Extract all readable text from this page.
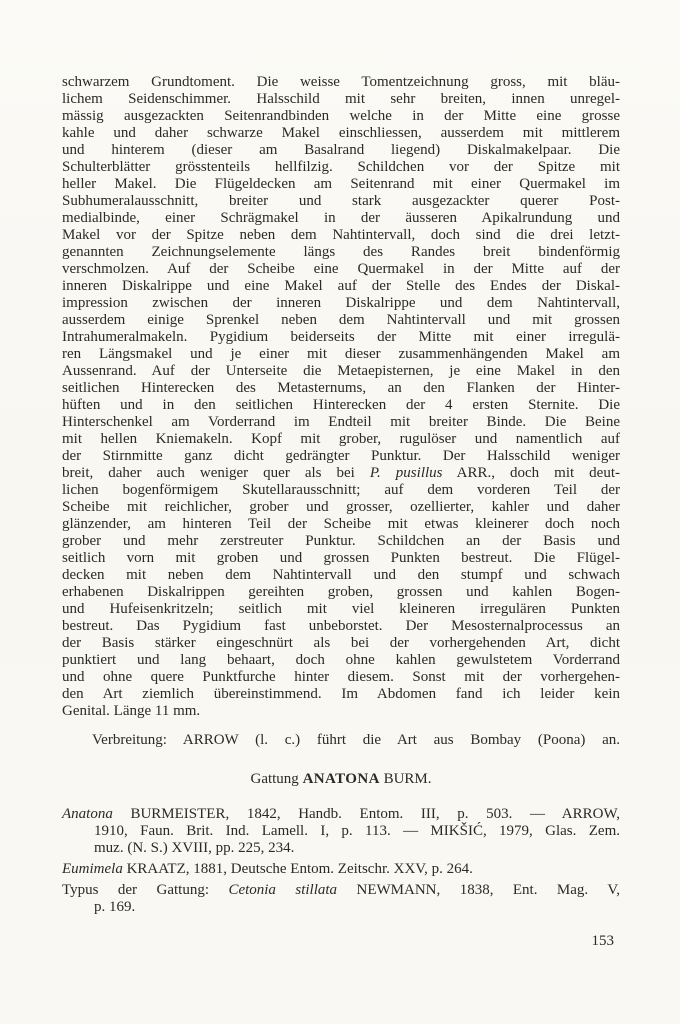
schwarzem Grundtoment. Die weisse Tomentzeichnung gross, mit bläu-
lichem Seidenschimmer. Halsschild mit sehr breiten, innen unregel-
mässig ausgezackten Seitenrandbinden welche in der Mitte eine grosse
kahle und daher schwarze Makel einschliessen, ausserdem mit mittlerem
und hinterem (dieser am Basalrand liegend) Diskalmakelpaar. Die
Schulterblätter grösstenteils hellfilzig. Schildchen vor der Spitze mit
heller Makel. Die Flügeldecken am Seitenrand mit einer Quermakel im
Subhumeralausschnitt, breiter und stark ausgezackter querer Post-
medialbinde, einer Schrägmakel in der äusseren Apikalrundung und
Makel vor der Spitze neben dem Nahtintervall, doch sind die drei letzt-
genannten Zeichnungselemente längs des Randes breit bindenförmig
verschmolzen. Auf der Scheibe eine Quermakel in der Mitte auf der
inneren Diskalrippe und eine Makel auf der Stelle des Endes der Diskal-
impression zwischen der inneren Diskalrippe und dem Nahtintervall,
ausserdem einige Sprenkel neben dem Nahtintervall und mit grossen
Intrahumeralmakeln. Pygidium beiderseits der Mitte mit einer irregulä-
ren Längsmakel und je einer mit dieser zusammenhängenden Makel am
Aussenrand. Auf der Unterseite die Metaepisternen, je eine Makel in den
seitlichen Hinterecken des Metasternums, an den Flanken der Hinter-
hüften und in den seitlichen Hinterecken der 4 ersten Sternite. Die
Hinterschenkel am Vorderrand im Endteil mit breiter Binde. Die Beine
mit hellen Kniemakeln. Kopf mit grober, rugulöser und namentlich auf
der Stirnmitte ganz dicht gedrängter Punktur. Der Halsschild weniger
breit, daher auch weniger quer als bei P. pusillus ARR., doch mit deut-
lichen bogenförmigem Skutellarausschnitt; auf dem vorderen Teil der
Scheibe mit reichlicher, grober und grosser, ozellierter, kahler und daher
glänzender, am hinteren Teil der Scheibe mit etwas kleinerer doch noch
grober und mehr zerstreuter Punktur. Schildchen an der Basis und
seitlich vorn mit groben und grossen Punkten bestreut. Die Flügel-
decken mit neben dem Nahtintervall und den stumpf und schwach
erhabenen Diskalrippen gereihten groben, grossen und kahlen Bogen-
und Hufeisenkritzeln; seitlich mit viel kleineren irregulären Punkten
bestreut. Das Pygidium fast unbeborstet. Der Mesosternalprocessus an
der Basis stärker eingeschnürt als bei der vorhergehenden Art, dicht
punktiert und lang behaart, doch ohne kahlen gewulstetem Vorderrand
und ohne quere Punktfurche hinter diesem. Sonst mit der vorhergehen-
den Art ziemlich übereinstimmend. Im Abdomen fand ich leider kein
Genital. Länge 11 mm.
Verbreitung: ARROW (l. c.) führt die Art aus Bombay (Poona) an.
Gattung ANATONA BURM.
Anatona BURMEISTER, 1842, Handb. Entom. III, p. 503. — ARROW,
1910, Faun. Brit. Ind. Lamell. I, p. 113. — MIKŠIĆ, 1979, Glas. Zem.
muz. (N. S.) XVIII, pp. 225, 234.
Eumimela KRAATZ, 1881, Deutsche Entom. Zeitschr. XXV, p. 264.
Typus der Gattung: Cetonia stillata NEWMANN, 1838, Ent. Mag. V,
p. 169.
153
